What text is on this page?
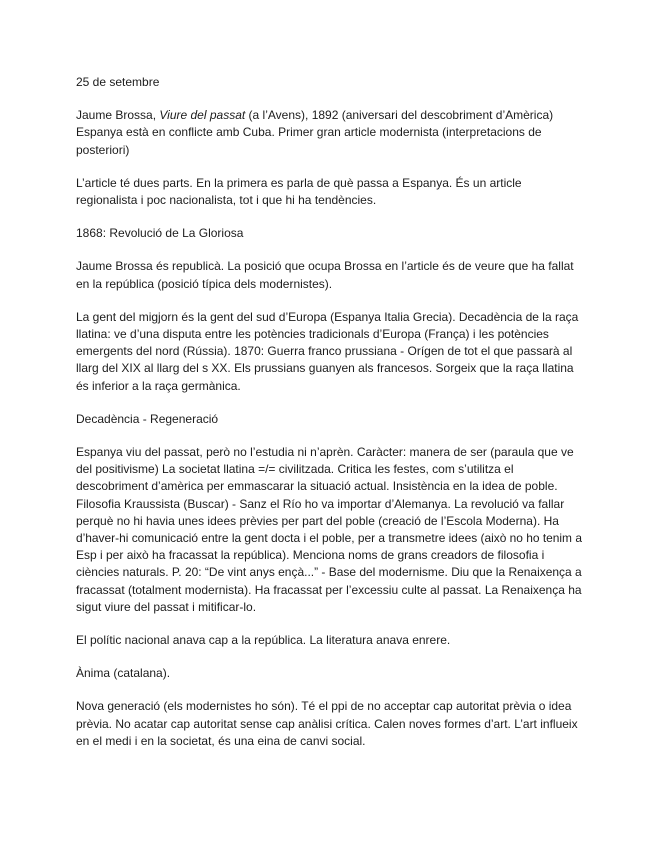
25 de setembre

Jaume Brossa, Viure del passat (a l’Avens), 1892 (aniversari del descobriment d’Amèrica)
Espanya està en conflicte amb Cuba. Primer gran article modernista (interpretacions de
posteriori)

L’article té dues parts. En la primera es parla de què passa a Espanya. És un article
regionalista i poc nacionalista, tot i que hi ha tendències.

1868: Revolució de La Gloriosa

Jaume Brossa és republicà. La posició que ocupa Brossa en l’article és de veure que ha fallat
en la república (posició típica dels modernistes).

La gent del migjorn és la gent del sud d’Europa (Espanya Italia Grecia). Decadència de la raça
llatina: ve d’una disputa entre les potències tradicionals d’Europa (França) i les potències
emergents del nord (Rússia). 1870: Guerra franco prussiana - Orígen de tot el que passarà al
llarg del XIX al llarg del s XX. Els prussians guanyen als francesos. Sorgeix que la raça llatina
és inferior a la raça germànica.

Decadència - Regeneració

Espanya viu del passat, però no l’estudia ni n’aprèn. Caràcter: manera de ser (paraula que ve
del positivisme) La societat llatina =/= civilitzada. Critica les festes, com s’utilitza el
descobriment d’amèrica per emmascarar la situació actual. Insistència en la idea de poble.
Filosofia Kraussista (Buscar) - Sanz el Río ho va importar d’Alemanya. La revolució va fallar
perquè no hi havia unes idees prèvies per part del poble (creació de l’Escola Moderna). Ha
d’haver-hi comunicació entre la gent docta i el poble, per a transmetre idees (això no ho tenim a
Esp i per això ha fracassat la república). Menciona noms de grans creadors de filosofia i
ciències naturals. P. 20: “De vint anys ençà...” - Base del modernisme. Diu que la Renaixença a
fracassat (totalment modernista). Ha fracassat per l’excessiu culte al passat. La Renaixença ha
sigut viure del passat i mitificar-lo.

El polític nacional anava cap a la república. La literatura anava enrere.

Ànima (catalana).

Nova generació (els modernistes ho són). Té el ppi de no acceptar cap autoritat prèvia o idea
prèvia. No acatar cap autoritat sense cap anàlisi crítica. Calen noves formes d’art. L’art influeix
en el medi i en la societat, és una eina de canvi social.
